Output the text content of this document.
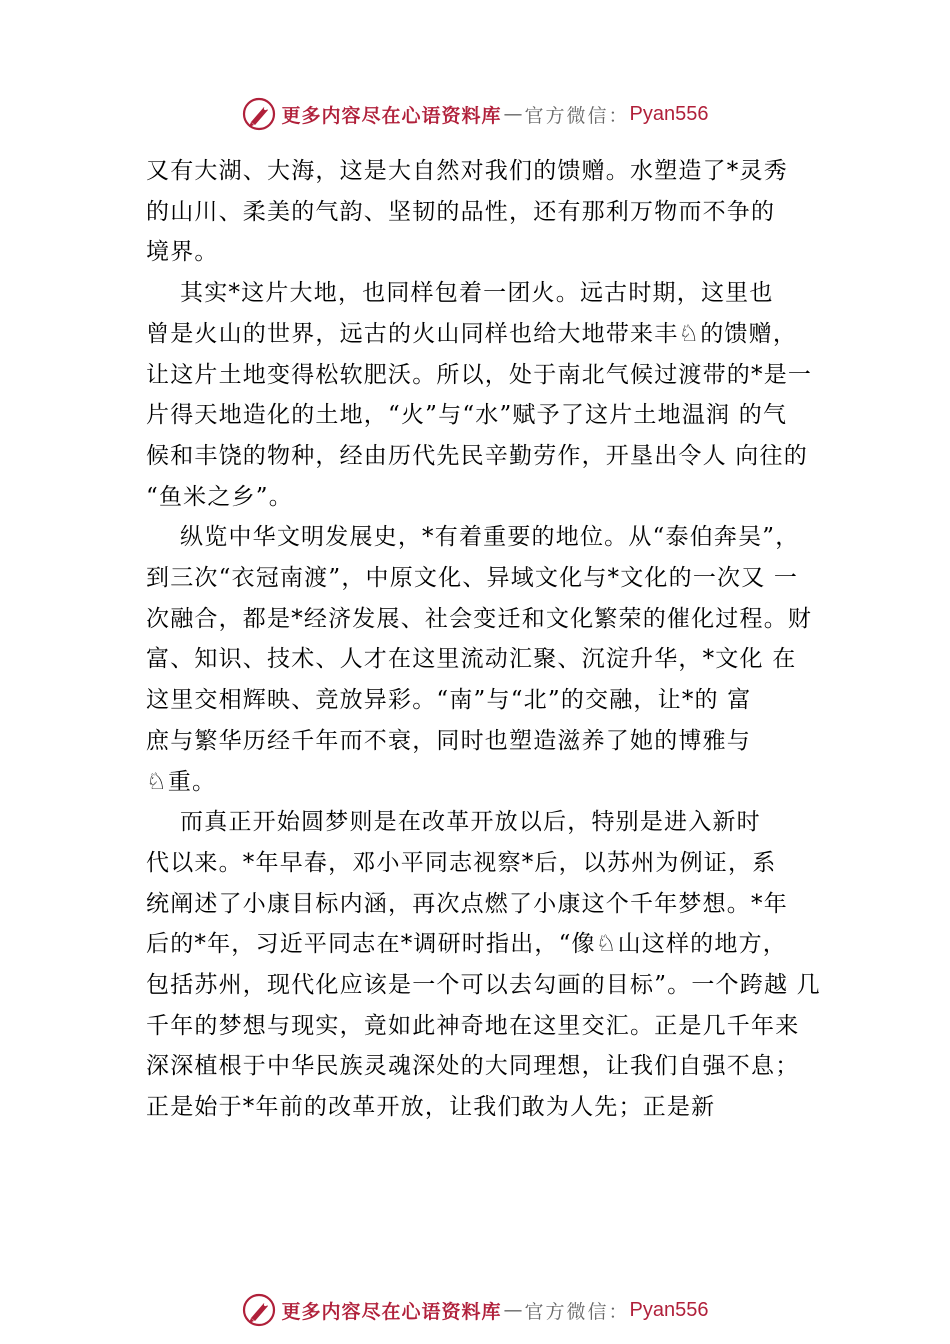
更多内容尽在心语资料库 — 官方微信： Pyan556

又有大湖、大海，这是大自然对我们的馈赠。水塑造了*灵秀

的山川、柔美的气韵、坚韧的品性，还有那利万物而不争的

境界。

其实*这片大地，也同样包着一团火。远古时期，这里也

曾是火山的世界，远古的火山同样也给大地带来丰♘的馈赠，

让这片土地变得松软肥沃。所以，处于南北气候过渡带的*是一

片得天地造化的土地，“火”与“水”赋予了这片土地温润 的气

候和丰饶的物种，经由历代先民辛勤劳作，开垦出令人 向往的

“鱼米之乡”。

纵览中华文明发展史，*有着重要的地位。从“泰伯奔吴”，

到三次“衣冠南渡”，中原文化、异域文化与*文化的一次又 一

次融合，都是*经济发展、社会变迁和文化繁荣的催化过程。财

富、知识、技术、人才在这里流动汇聚、沉淀升华，*文化 在

这里交相辉映、竞放异彩。“南”与“北”的交融，让*的 富

庶与繁华历经千年而不衰，同时也塑造滋养了她的博雅与

♘重。

而真正开始圆梦则是在改革开放以后，特别是进入新时

代以来。*年早春，邓小平同志视察*后，以苏州为例证，系

统阐述了小康目标内涵，再次点燃了小康这个千年梦想。*年

后的*年，习近平同志在*调研时指出，“像♘山这样的地方，

包括苏州，现代化应该是一个可以去勾画的目标”。一个跨越 几

千年的梦想与现实，竟如此神奇地在这里交汇。正是几千年来

深深植根于中华民族灵魂深处的大同理想，让我们自强不息；

正是始于*年前的改革开放，让我们敢为人先；正是新

更多内容尽在心语资料库 — 官方微信： Pyan556
